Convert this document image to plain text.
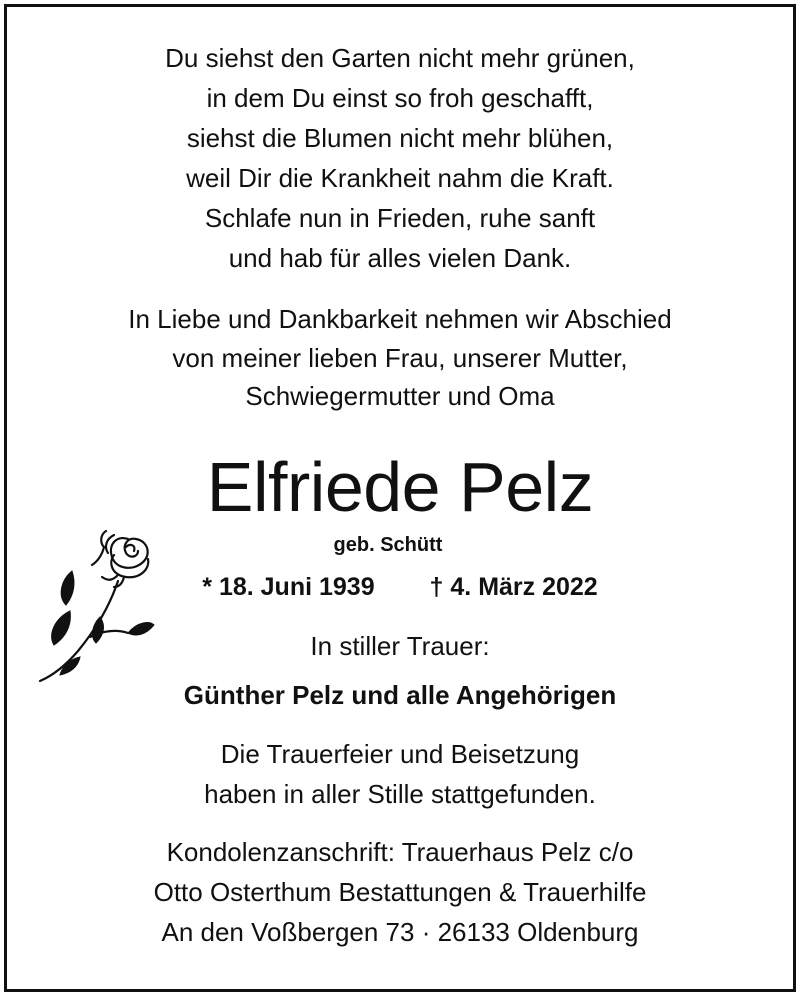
Du siehst den Garten nicht mehr grünen,
in dem Du einst so froh geschafft,
siehst die Blumen nicht mehr blühen,
weil Dir die Krankheit nahm die Kraft.
Schlafe nun in Frieden, ruhe sanft
und hab für alles vielen Dank.
In Liebe und Dankbarkeit nehmen wir Abschied
von meiner lieben Frau, unserer Mutter,
Schwiegermutter und Oma
Elfriede Pelz
geb. Schütt
* 18. Juni 1939 † 4. März 2022
In stiller Trauer:
Günther Pelz und alle Angehörigen
Die Trauerfeier und Beisetzung
haben in aller Stille stattgefunden.
Kondolenzanschrift: Trauerhaus Pelz c/o
Otto Osterthum Bestattungen & Trauerhilfe
An den Voßbergen 73 · 26133 Oldenburg
